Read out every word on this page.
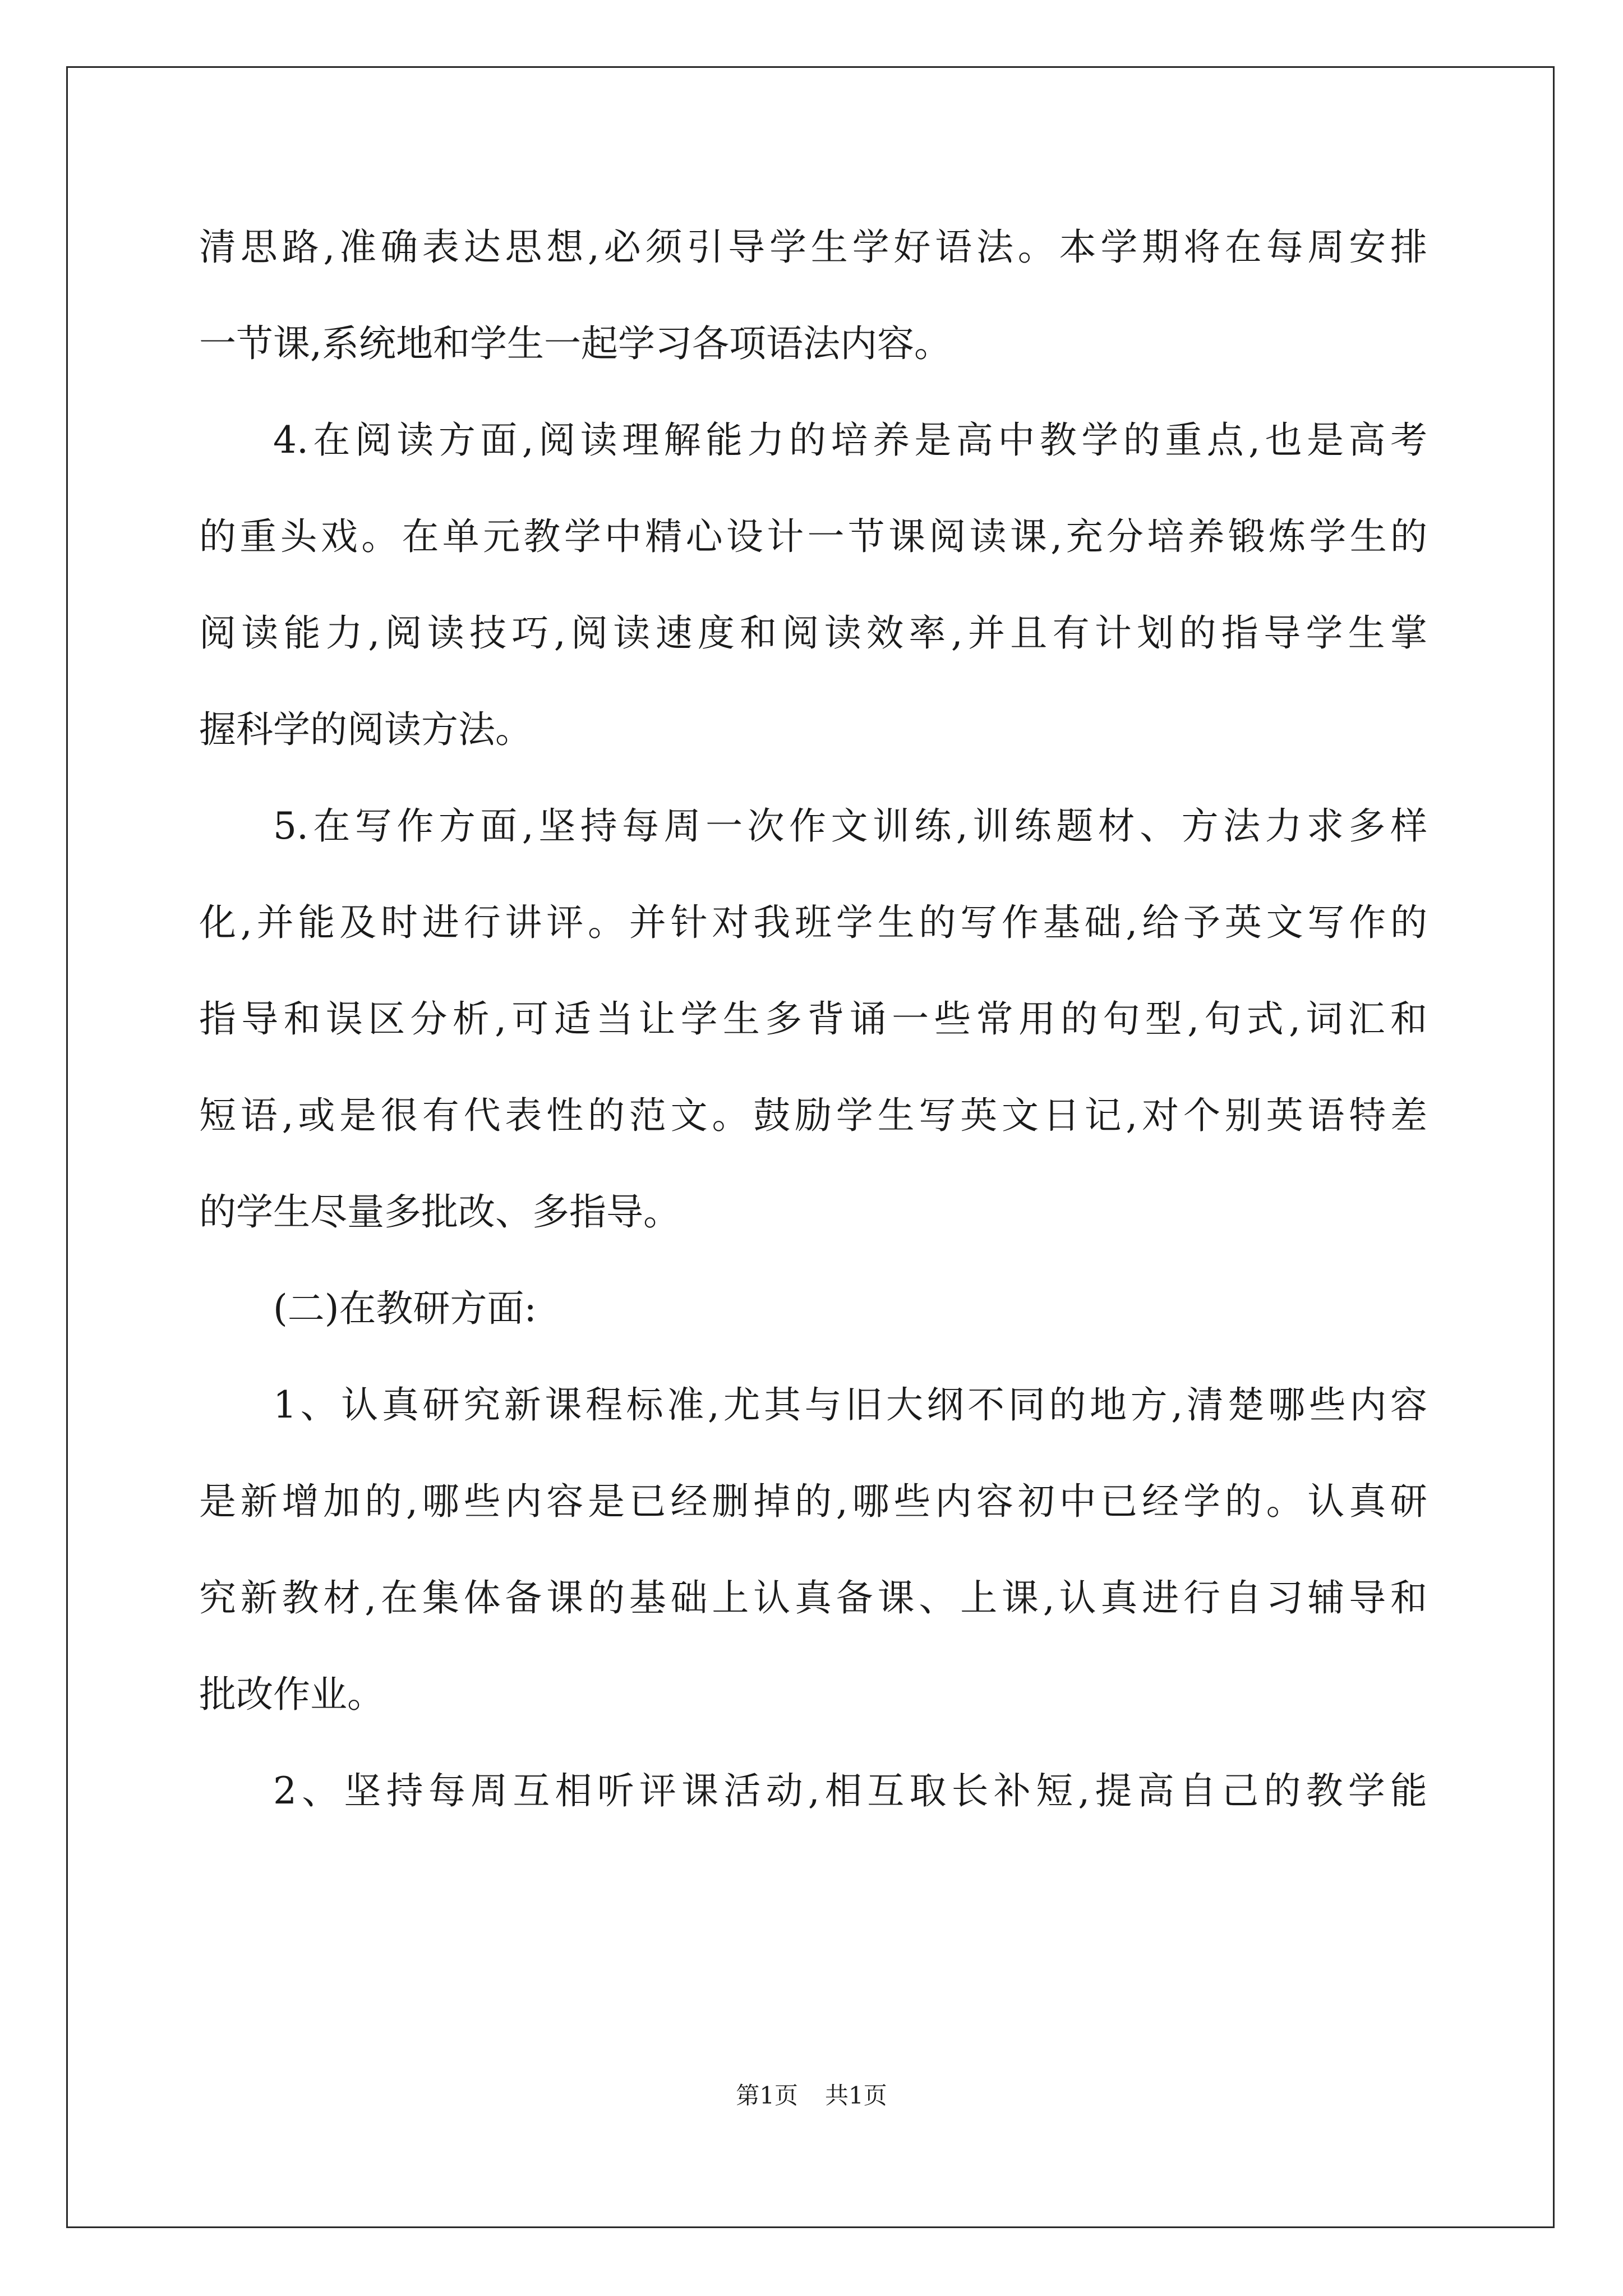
清思路,准确表达思想,必须引导学生学好语法。本学期将在每周安排
一节课,系统地和学生一起学习各项语法内容。
4.在阅读方面,阅读理解能力的培养是高中教学的重点,也是高考
的重头戏。在单元教学中精心设计一节课阅读课,充分培养锻炼学生的
阅读能力,阅读技巧,阅读速度和阅读效率,并且有计划的指导学生掌
握科学的阅读方法。
5.在写作方面,坚持每周一次作文训练,训练题材、方法力求多样
化,并能及时进行讲评。并针对我班学生的写作基础,给予英文写作的
指导和误区分析,可适当让学生多背诵一些常用的句型,句式,词汇和
短语,或是很有代表性的范文。鼓励学生写英文日记,对个别英语特差
的学生尽量多批改、多指导。
(二)在教研方面:
1、认真研究新课程标准,尤其与旧大纲不同的地方,清楚哪些内容
是新增加的,哪些内容是已经删掉的,哪些内容初中已经学的。认真研
究新教材,在集体备课的基础上认真备课、上课,认真进行自习辅导和
批改作业。
2、坚持每周互相听评课活动,相互取长补短,提高自己的教学能
第1页 共1页
